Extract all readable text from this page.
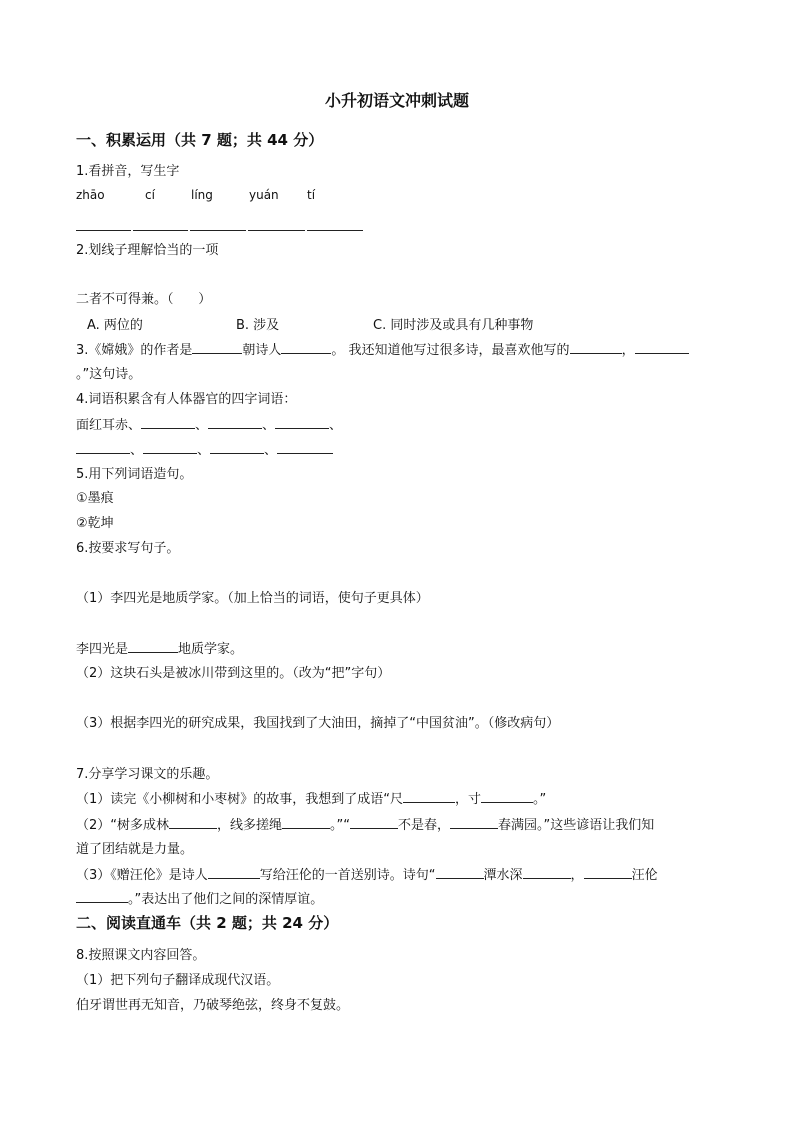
小升初语文冲刺试题
一、积累运用（共 7 题；共 44 分）
1.看拼音，写生字
zhāo	cí	líng	yuán tí
2.划线子理解恰当的一项
二者不可得兼。（      ）
A. 两位的	B. 涉及	C. 同时涉及或具有几种事物
3.《嫦娥》的作者是	朝诗人	。 我还知道他写过很多诗，最喜欢他写的	，
。”这句诗。
4.词语积累含有人体器官的四字词语：
面红耳赤、	、	、	、
、	、	、
5.用下列词语造句。
①墨痕
②乾坤
6.按要求写句子。
（1）李四光是地质学家。（加上恰当的词语，使句子更具体）
李四光是	地质学家。
（2）这块石头是被冰川带到这里的。（改为“把”字句）
（3）根据李四光的研究成果，我国找到了大油田，摘掉了“中国贫油”。（修改病句）
7.分享学习课文的乐趣。
（1）读完《小柳树和小枣树》的故事，我想到了成语“尺	，寸	。”
（2）“树多成林	，线多搓绳	。”“	不是春，	春满园。”这些谚语让我们知
道了团结就是力量。
（3）《赠汪伦》是诗人	写给汪伦的一首送别诗。诗句“	潭水深	，	汪伦
。”表达出了他们之间的深情厚谊。
二、阅读直通车（共 2 题；共 24 分）
8.按照课文内容回答。
（1）把下列句子翻译成现代汉语。
伯牙谓世再无知音，乃破琴绝弦，终身不复鼓。
